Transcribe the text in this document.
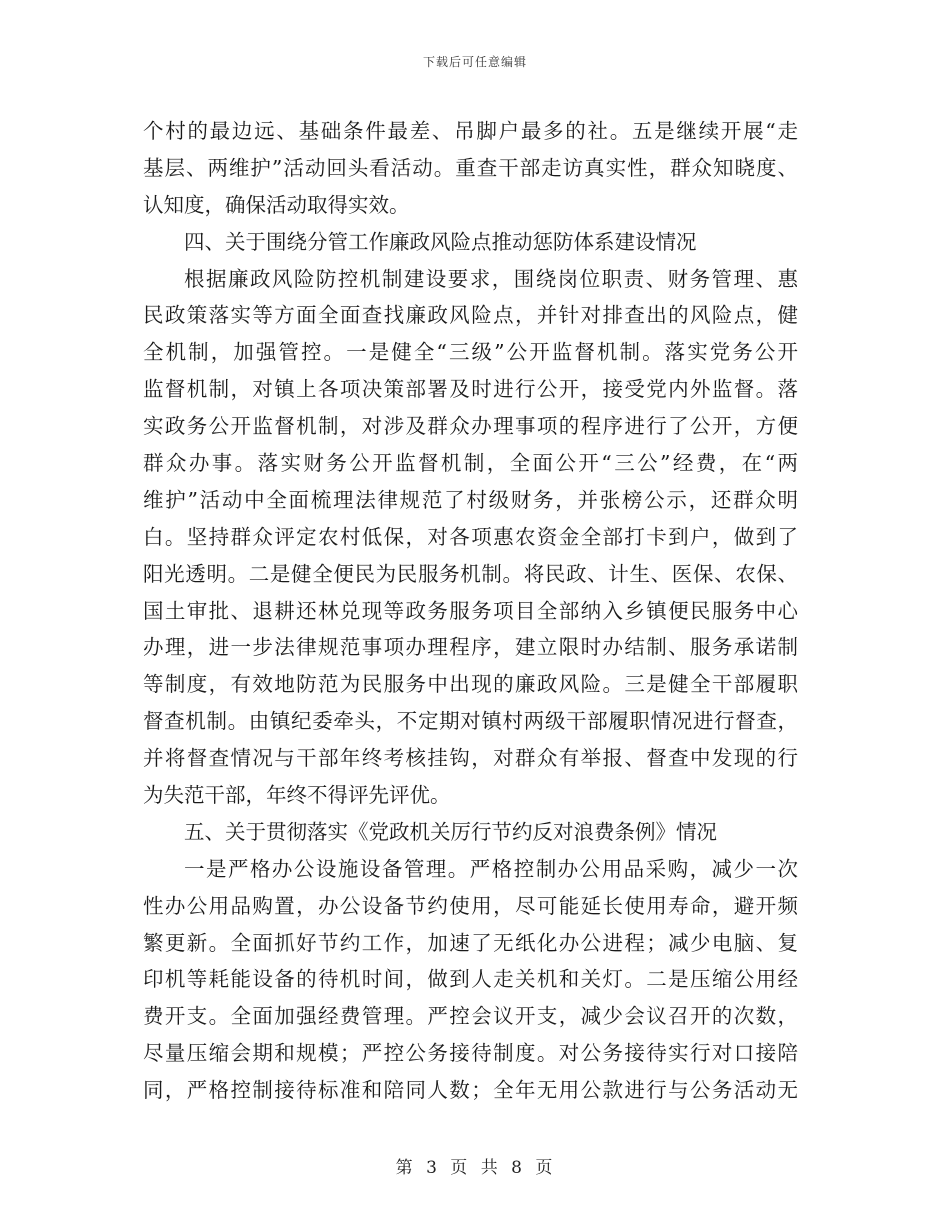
下载后可任意编辑
个村的最边远、基础条件最差、吊脚户最多的社。五是继续开展“走
基层、两维护”活动回头看活动。重查干部走访真实性，群众知晓度、
认知度，确保活动取得实效。
四、关于围绕分管工作廉政风险点推动惩防体系建设情况
根据廉政风险防控机制建设要求，围绕岗位职责、财务管理、惠
民政策落实等方面全面查找廉政风险点，并针对排查出的风险点，健
全机制，加强管控。一是健全“三级”公开监督机制。落实党务公开
监督机制，对镇上各项决策部署及时进行公开，接受党内外监督。落
实政务公开监督机制，对涉及群众办理事项的程序进行了公开，方便
群众办事。落实财务公开监督机制，全面公开“三公”经费，在“两
维护”活动中全面梳理法律规范了村级财务，并张榜公示，还群众明
白。坚持群众评定农村低保，对各项惠农资金全部打卡到户，做到了
阳光透明。二是健全便民为民服务机制。将民政、计生、医保、农保、
国土审批、退耕还林兑现等政务服务项目全部纳入乡镇便民服务中心
办理，进一步法律规范事项办理程序，建立限时办结制、服务承诺制
等制度，有效地防范为民服务中出现的廉政风险。三是健全干部履职
督查机制。由镇纪委牵头，不定期对镇村两级干部履职情况进行督查，
并将督查情况与干部年终考核挂钩，对群众有举报、督查中发现的行
为失范干部，年终不得评先评优。
五、关于贯彻落实《党政机关厉行节约反对浪费条例》情况
一是严格办公设施设备管理。严格控制办公用品采购，减少一次
性办公用品购置，办公设备节约使用，尽可能延长使用寿命，避开频
繁更新。全面抓好节约工作，加速了无纸化办公进程；减少电脑、复
印机等耗能设备的待机时间，做到人走关机和关灯。二是压缩公用经
费开支。全面加强经费管理。严控会议开支，减少会议召开的次数，
尽量压缩会期和规模；严控公务接待制度。对公务接待实行对口接陪
同，严格控制接待标准和陪同人数；全年无用公款进行与公务活动无
第 3 页 共 8 页
